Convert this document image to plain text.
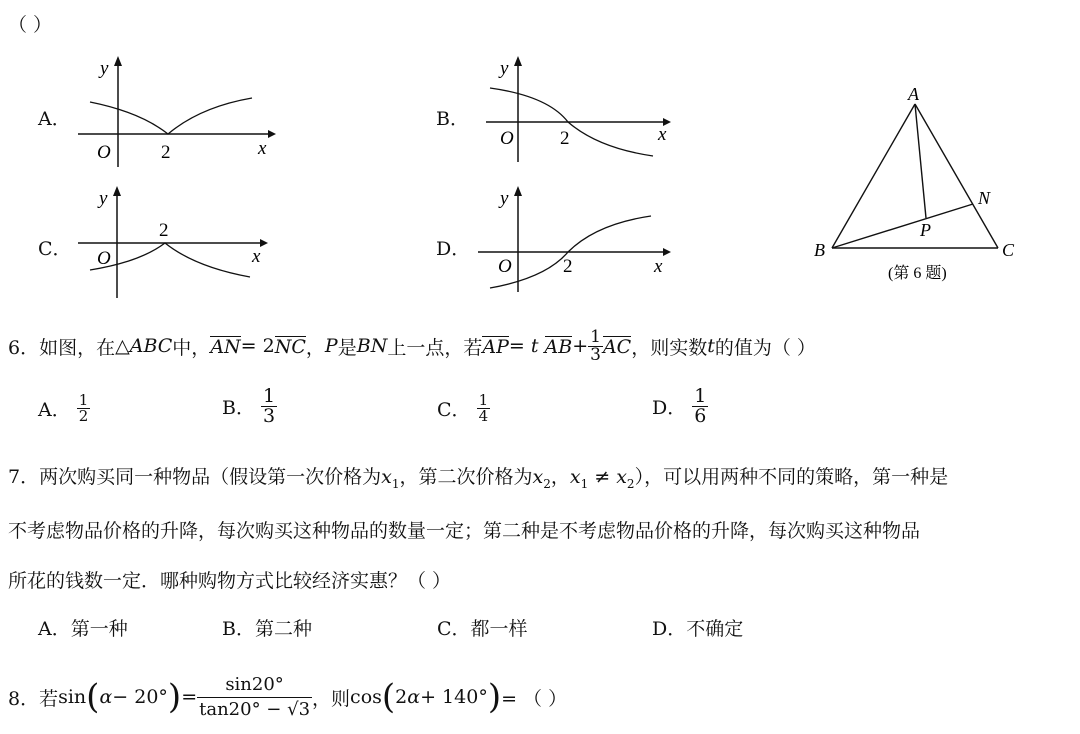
（ ）
A．
y
x
O	2
B．
y
x
O 2
C．
y
x
O
2
D．
y
x
O	2
A
B	C
N
P
(第 6 题)
6．如图，在 △ ABC 中， AN = 2 NC ， P 是 BN 上一点，若 AP = t
AB + $\frac{1}{3}$ AC ，则实数 t 的值为（ ）
A．
$\frac{1}{2}$	B．
$\frac{1}{3}$	C．
$\frac{1}{4}$	D．
$\frac{1}{6}$
7．两次购买同一种物品（假设第一次价格为$x_1$，第二次价格为$x_2$，$x_1 \ne x_2$），可以用两种不同的策略，第一种是
不考虑物品价格的升降，每次购买这种物品的数量一定；第二种是不考虑物品价格的升降，每次购买这种物品
所花的钱数一定．哪种购物方式比较经济实惠？（ ）
A．第一种	B．第二种	C．都一样	D．不确定
8．若 sin ( α − 20° ) = $\frac{\sin 20^\circ}{\tan 20^\circ - √3}$ ，则 cos ( 2 α + 140° ) = （ ）
